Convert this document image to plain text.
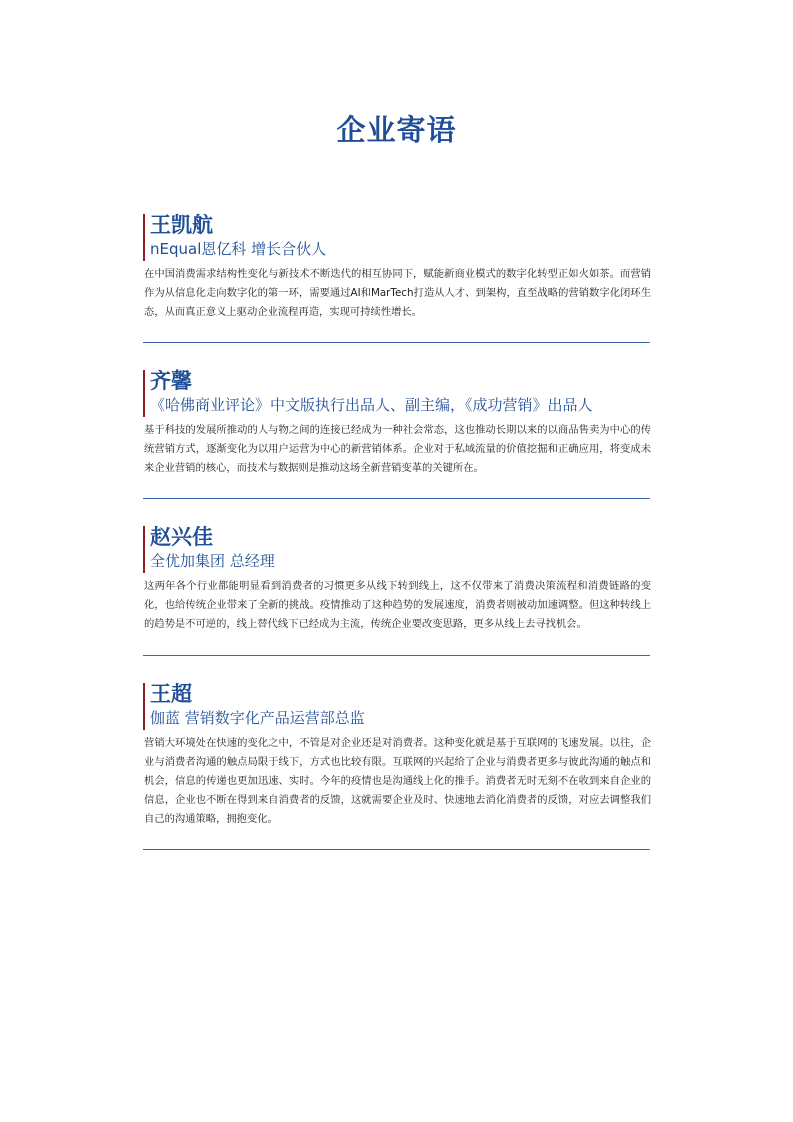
企业寄语
王凯航
nEqual恩亿科 增长合伙人
在中国消费需求结构性变化与新技术不断迭代的相互协同下，赋能新商业模式的数字化转型正如火如茶。而营销作为从信息化走向数字化的第一环，需要通过AI和MarTech打造从人才、到架构，直至战略的营销数字化闭环生态，从而真正意义上驱动企业流程再造，实现可持续性增长。
齐馨
《哈佛商业评论》中文版执行出品人、副主编，《成功营销》出品人
基于科技的发展所推动的人与物之间的连接已经成为一种社会常态，这也推动长期以来的以商品售卖为中心的传统营销方式，逐渐变化为以用户运营为中心的新营销体系。企业对于私域流量的价值挖掘和正确应用，将变成未来企业营销的核心，而技术与数据则是推动这场全新营销变革的关键所在。
赵兴佳
全优加集团 总经理
这两年各个行业都能明显看到消费者的习惯更多从线下转到线上，这不仅带来了消费决策流程和消费链路的变化，也给传统企业带来了全新的挑战。疫情推动了这种趋势的发展速度，消费者则被动加速调整。但这种转线上的趋势是不可逆的，线上替代线下已经成为主流，传统企业要改变思路，更多从线上去寻找机会。
王超
伽蓝 营销数字化产品运营部总监
营销大环境处在快速的变化之中，不管是对企业还是对消费者。这种变化就是基于互联网的飞速发展。以往，企业与消费者沟通的触点局限于线下，方式也比较有限。互联网的兴起给了企业与消费者更多与彼此沟通的触点和机会，信息的传递也更加迅速、实时。今年的疫情也是沟通线上化的推手。消费者无时无刻不在收到来自企业的信息，企业也不断在得到来自消费者的反馈，这就需要企业及时、快速地去消化消费者的反馈，对应去调整我们自己的沟通策略，拥抱变化。
